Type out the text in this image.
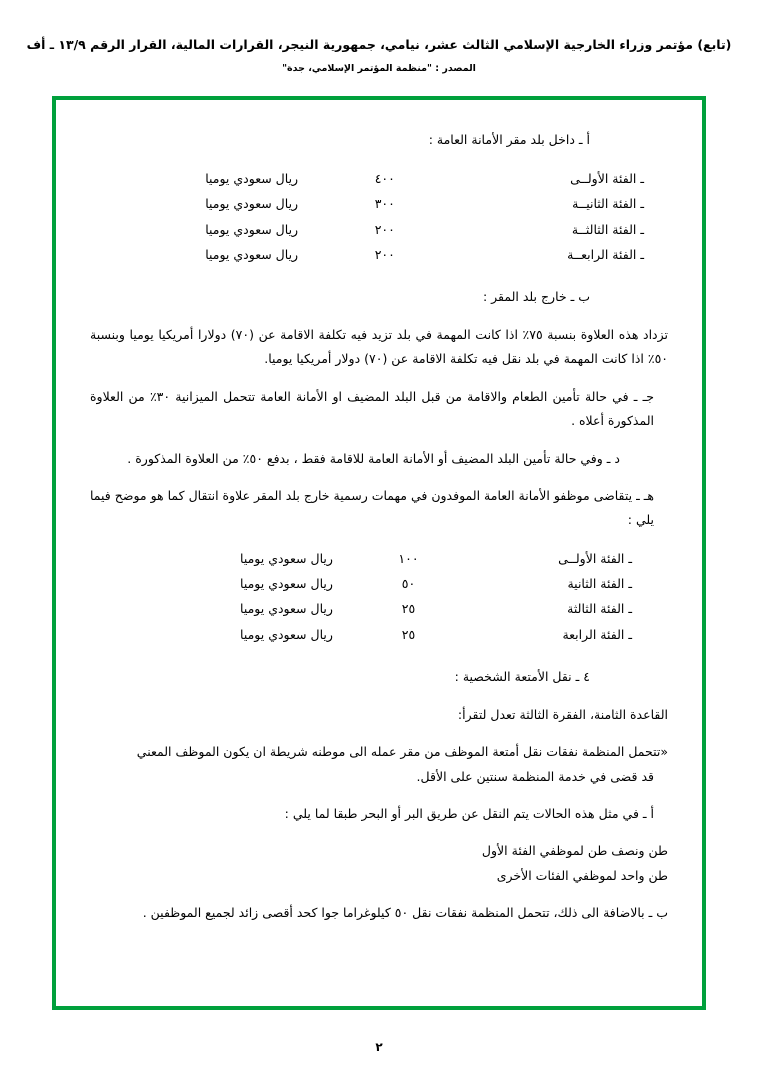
(تابع) مؤتمر وزراء الخارجية الإسلامي الثالث عشر، نيامي، جمهورية النيجر، القرارات المالية، القرار الرقم ١٣/٩ ـ أف
المصدر : "منظمة المؤتمر الإسلامي، جدة"
أ ـ داخل بلد مقر الأمانة العامة :
ـ الفئة الأولــى	٤٠٠	ريال سعودي يوميا
ـ الفئة الثانيــة	٣٠٠	ريال سعودي يوميا
ـ الفئة الثالثــة	٢٠٠	ريال سعودي يوميا
ـ الفئة الرابعــة	٢٠٠	ريال سعودي يوميا
ب ـ خارج بلد المقر :
تزداد هذه العلاوة بنسبة ٧٥٪ اذا كانت المهمة في بلد تزيد فيه تكلفة الاقامة عن (٧٠) دولارا أمريكيا يوميا وبنسبة ٥٠٪ اذا كانت المهمة في بلد نقل فيه تكلفة الاقامة عن (٧٠) دولار أمريكيا يوميا.
جـ ـ في حالة تأمين الطعام والاقامة من قبل البلد المضيف او الأمانة العامة تتحمل الميزانية ٣٠٪ من العلاوة المذكورة أعلاه .
د ـ وفي حالة تأمين البلد المضيف أو الأمانة العامة للاقامة فقط ، بدفع ٥٠٪ من العلاوة المذكورة .
هـ ـ يتقاضى موظفو الأمانة العامة الموفدون في مهمات رسمية خارج بلد المقر علاوة انتقال كما هو موضح فيما يلي :
ـ الفئة الأولــى	١٠٠	ريال سعودي يوميا
ـ الفئة الثانية	٥٠	ريال سعودي يوميا
ـ الفئة الثالثة	٢٥	ريال سعودي يوميا
ـ الفئة الرابعة	٢٥	ريال سعودي يوميا
٤ ـ نقل الأمتعة الشخصية :
القاعدة الثامنة، الفقرة الثالثة تعدل لتقرأ:
«تتحمل المنظمة نفقات نقل أمتعة الموظف من مقر عمله الى موطنه شريطة ان يكون الموظف المعني
قد قضى في خدمة المنظمة سنتين على الأقل.
أ ـ في مثل هذه الحالات يتم النقل عن طريق البر أو البحر طبقا لما يلي :
طن ونصف طن لموظفي الفئة الأول
طن واحد لموظفي الفئات الأخرى
ب ـ بالاضافة الى ذلك، تتحمل المنظمة نفقات نقل ٥٠ كيلوغراما جوا كحد أقصى زائد لجميع الموظفين .
٢
